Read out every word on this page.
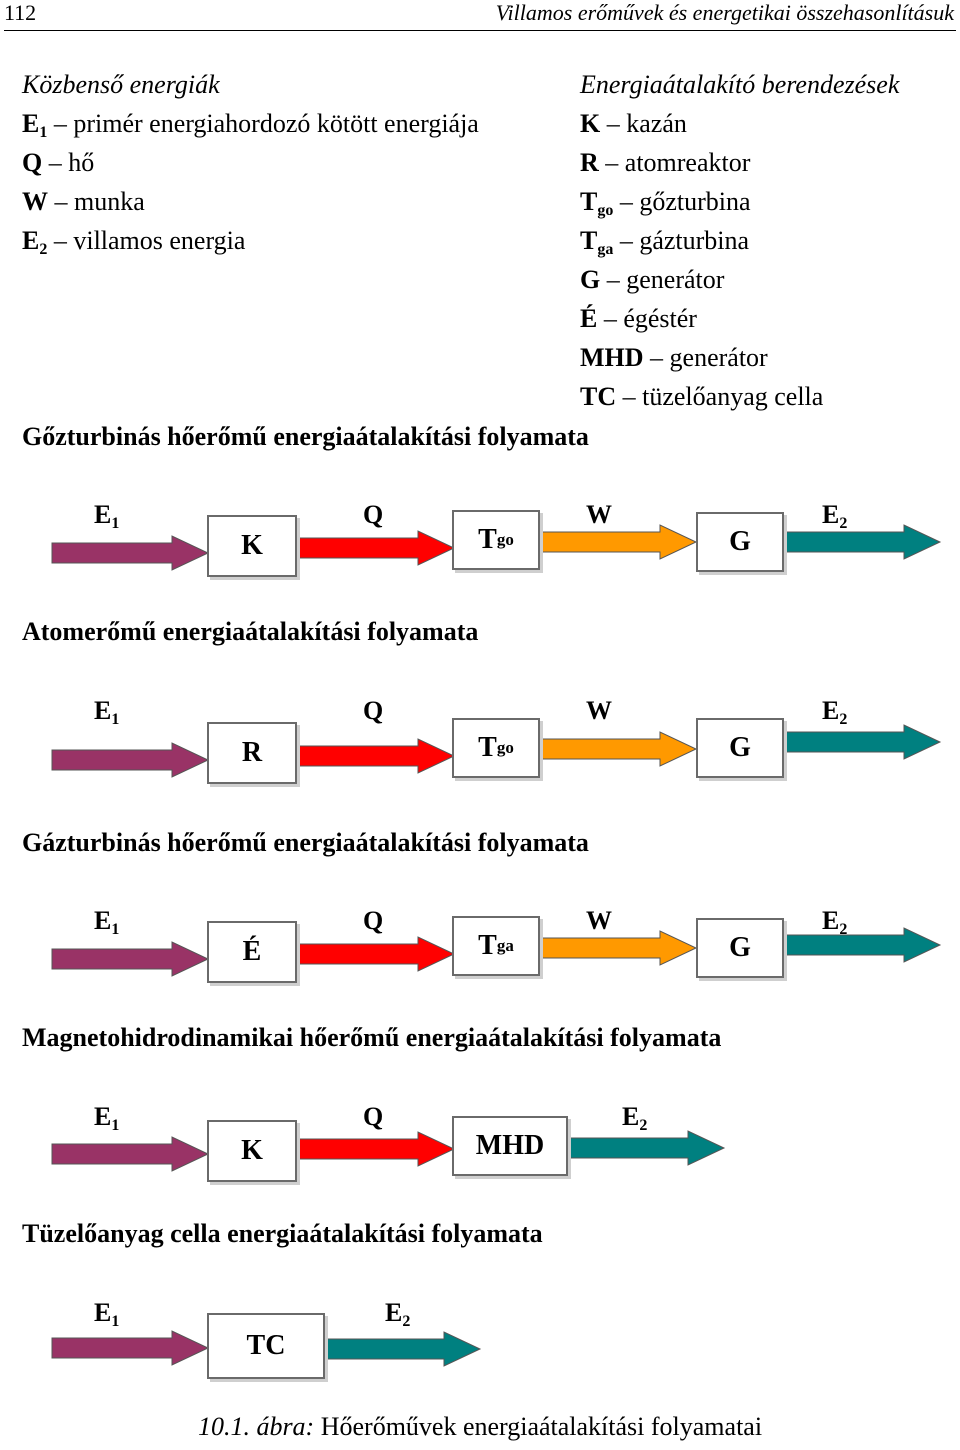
112	Villamos erőművek és energetikai összehasonlításuk
Közbenső energiák
$E_1$ – primér energiahordozó kötött energiája
Q – hő
W – munka
$E_2$ – villamos energia
Energiaátalakító berendezések
K – kazán
R – atomreaktor
$T_{go}$ – gőzturbina
$T_{ga}$ – gázturbina
G – generátor
É – égéstér
MHD – generátor
TC – tüzelőanyag cella
Gőzturbinás hőerőmű energiaátalakítási folyamata
K	T go	G
$E_1$	Q	W	$E_2$
Atomerőmű energiaátalakítási folyamata
R	T go	G
$E_1$	Q	W	$E_2$
Gázturbinás hőerőmű energiaátalakítási folyamata
É	T ga	G
$E_1$	Q	W	$E_2$
Magnetohidrodinamikai hőerőmű energiaátalakítási folyamata
K	MHD
$E_1$	Q	$E_2$
Tüzelőanyag cella energiaátalakítási folyamata
TC
$E_1$	$E_2$
10.1. ábra: Hőerőművek energiaátalakítási folyamatai
